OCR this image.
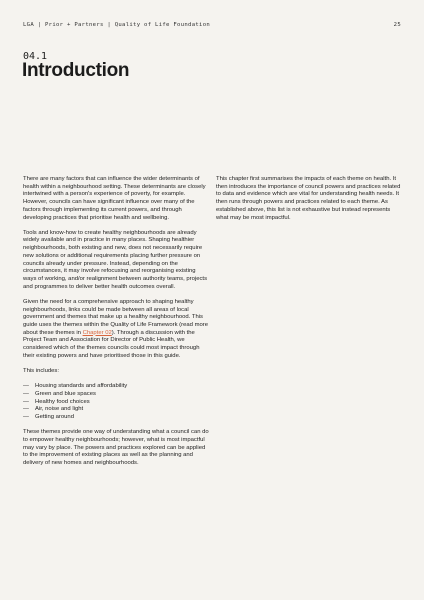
LGA | Prior + Partners | Quality of Life Foundation	25
04.1
Introduction

There are many factors that can influence the wider determinants of health within a neighbourhood setting. These determinants are closely intertwined with a person's experience of poverty, for example. However, councils can have significant influence over many of the factors through implementing its current powers, and through developing practices that prioritise health and wellbeing.

Tools and know-how to create healthy neighbourhoods are already widely available and in practice in many places. Shaping healthier neighbourhoods, both existing and new, does not necessarily require new solutions or additional requirements placing further pressure on councils already under pressure. Instead, depending on the circumstances, it may involve refocusing and reorganising existing ways of working, and/or realignment between authority teams, projects and programmes to deliver better health outcomes overall.

Given the need for a comprehensive approach to shaping healthy neighbourhoods, links could be made between all areas of local government and themes that make up a healthy neighbourhood. This guide uses the themes within the Quality of Life Framework (read more about these themes in Chapter 02). Through a discussion with the Project Team and Association for Director of Public Health, we considered which of the themes councils could most impact through their existing powers and have prioritised those in this guide.

This includes:

—	Housing standards and affordability
—	Green and blue spaces
—	Healthy food choices
—	Air, noise and light
—	Getting around

These themes provide one way of understanding what a council can do to empower healthy neighbourhoods; however, what is most impactful may vary by place. The powers and practices explored can be applied to the improvement of existing places as well as the planning and delivery of new homes and neighbourhoods.

This chapter first summarises the impacts of each theme on health. It then introduces the importance of council powers and practices related to data and evidence which are vital for understanding health needs. It then runs through powers and practices related to each theme. As established above, this list is not exhaustive but instead represents what may be most impactful.
